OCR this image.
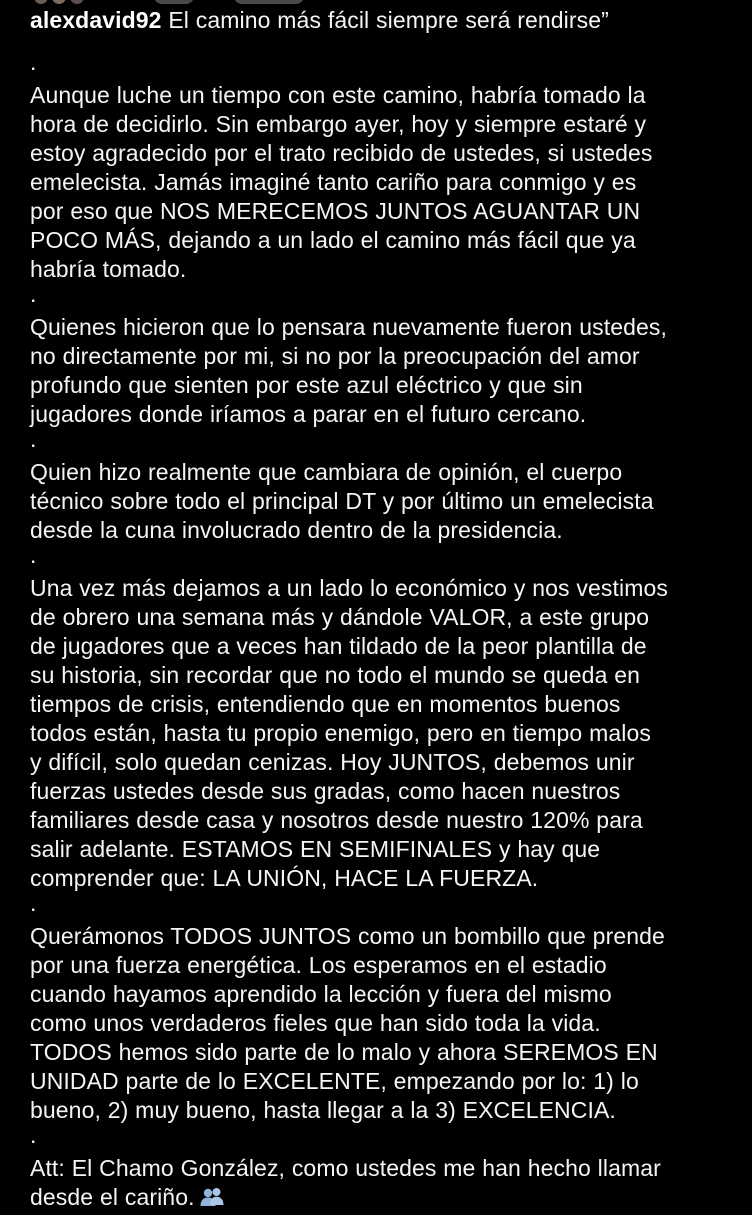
alexdavid92 El camino más fácil siempre será rendirse”

.

Aunque luche un tiempo con este camino, habría tomado la
hora de decidirlo. Sin embargo ayer, hoy y siempre estaré y
estoy agradecido por el trato recibido de ustedes, si ustedes
emelecista. Jamás imaginé tanto cariño para conmigo y es
por eso que NOS MERECEMOS JUNTOS AGUANTAR UN
POCO MÁS, dejando a un lado el camino más fácil que ya
habría tomado.

.

Quienes hicieron que lo pensara nuevamente fueron ustedes,
no directamente por mi, si no por la preocupación del amor
profundo que sienten por este azul eléctrico y que sin
jugadores donde iríamos a parar en el futuro cercano.

.

Quien hizo realmente que cambiara de opinión, el cuerpo
técnico sobre todo el principal DT y por último un emelecista
desde la cuna involucrado dentro de la presidencia.

.

Una vez más dejamos a un lado lo económico y nos vestimos
de obrero una semana más y dándole VALOR, a este grupo
de jugadores que a veces han tildado de la peor plantilla de
su historia, sin recordar que no todo el mundo se queda en
tiempos de crisis, entendiendo que en momentos buenos
todos están, hasta tu propio enemigo, pero en tiempo malos
y difícil, solo quedan cenizas. Hoy JUNTOS, debemos unir
fuerzas ustedes desde sus gradas, como hacen nuestros
familiares desde casa y nosotros desde nuestro 120% para
salir adelante. ESTAMOS EN SEMIFINALES y hay que
comprender que: LA UNIÓN, HACE LA FUERZA.

.

Querámonos TODOS JUNTOS como un bombillo que prende
por una fuerza energética. Los esperamos en el estadio
cuando hayamos aprendido la lección y fuera del mismo
como unos verdaderos fieles que han sido toda la vida.
TODOS hemos sido parte de lo malo y ahora SEREMOS EN
UNIDAD parte de lo EXCELENTE, empezando por lo: 1) lo
bueno, 2) muy bueno, hasta llegar a la 3) EXCELENCIA.

.

Att: El Chamo González, como ustedes me han hecho llamar
desde el cariño.
